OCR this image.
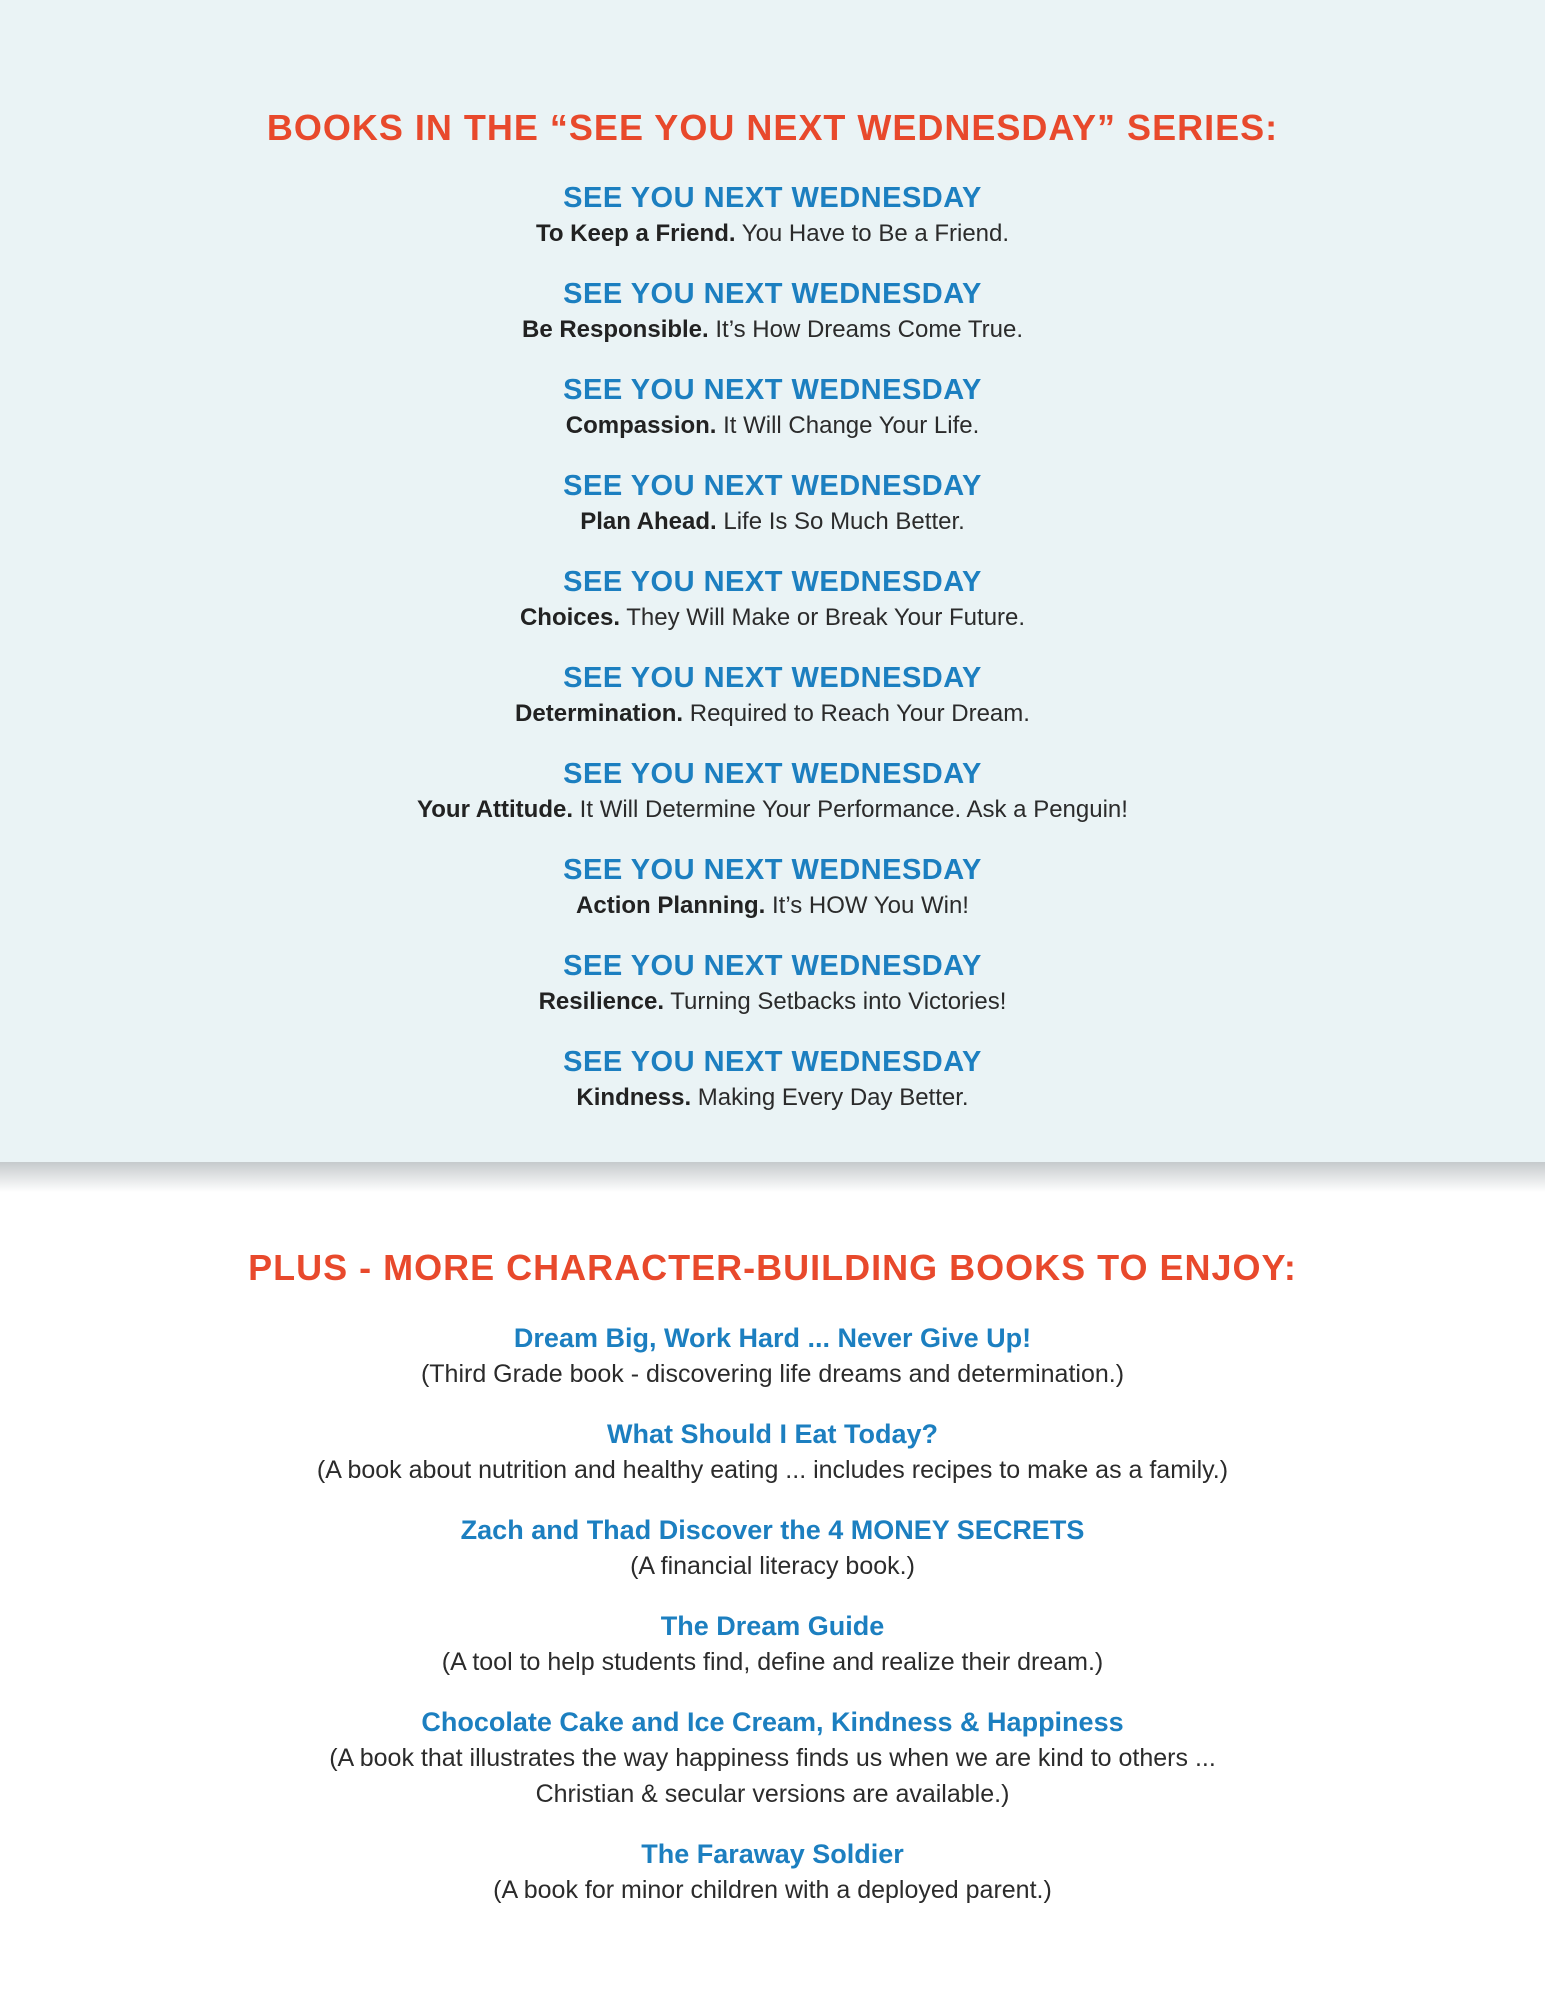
BOOKS IN THE “SEE YOU NEXT WEDNESDAY” SERIES:
SEE YOU NEXT WEDNESDAY
To Keep a Friend. You Have to Be a Friend.
SEE YOU NEXT WEDNESDAY
Be Responsible. It’s How Dreams Come True.
SEE YOU NEXT WEDNESDAY
Compassion. It Will Change Your Life.
SEE YOU NEXT WEDNESDAY
Plan Ahead. Life Is So Much Better.
SEE YOU NEXT WEDNESDAY
Choices. They Will Make or Break Your Future.
SEE YOU NEXT WEDNESDAY
Determination. Required to Reach Your Dream.
SEE YOU NEXT WEDNESDAY
Your Attitude. It Will Determine Your Performance. Ask a Penguin!
SEE YOU NEXT WEDNESDAY
Action Planning. It’s HOW You Win!
SEE YOU NEXT WEDNESDAY
Resilience. Turning Setbacks into Victories!
SEE YOU NEXT WEDNESDAY
Kindness. Making Every Day Better.
PLUS - MORE CHARACTER-BUILDING BOOKS TO ENJOY:
Dream Big, Work Hard ... Never Give Up!
(Third Grade book - discovering life dreams and determination.)
What Should I Eat Today?
(A book about nutrition and healthy eating ... includes recipes to make as a family.)
Zach and Thad Discover the 4 MONEY SECRETS
(A financial literacy book.)
The Dream Guide
(A tool to help students find, define and realize their dream.)
Chocolate Cake and Ice Cream, Kindness & Happiness
(A book that illustrates the way happiness finds us when we are kind to others ...
Christian & secular versions are available.)
The Faraway Soldier
(A book for minor children with a deployed parent.)
